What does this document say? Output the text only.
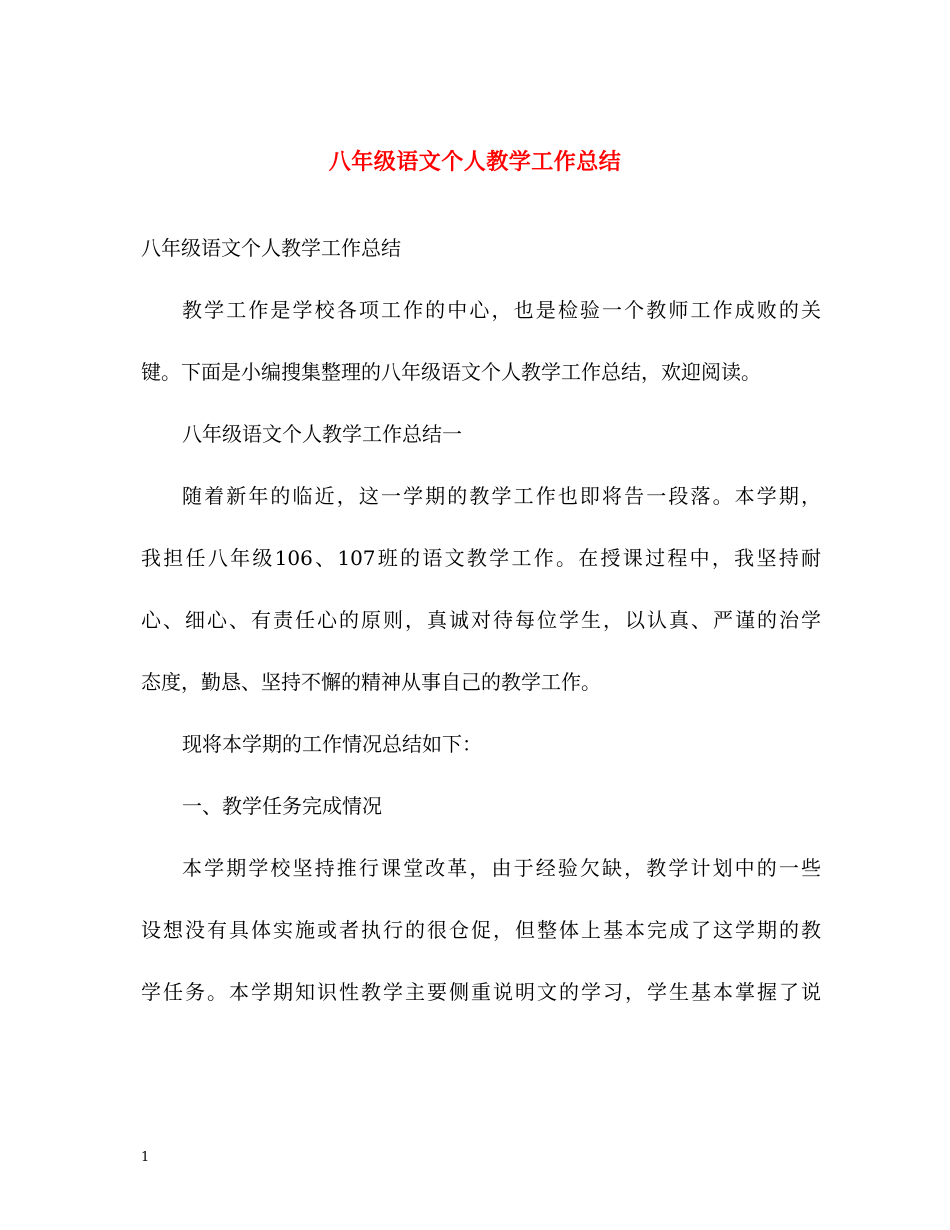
八年级语文个人教学工作总结
八年级语文个人教学工作总结
教学工作是学校各项工作的中心，也是检验一个教师工作成败的关
键。下面是小编搜集整理的八年级语文个人教学工作总结，欢迎阅读。
八年级语文个人教学工作总结一
随着新年的临近，这一学期的教学工作也即将告一段落。本学期，
我担任八年级106、107班的语文教学工作。在授课过程中，我坚持耐
心、细心、有责任心的原则，真诚对待每位学生，以认真、严谨的治学
态度，勤恳、坚持不懈的精神从事自己的教学工作。
现将本学期的工作情况总结如下：
一、教学任务完成情况
本学期学校坚持推行课堂改革，由于经验欠缺，教学计划中的一些
设想没有具体实施或者执行的很仓促，但整体上基本完成了这学期的教
学任务。本学期知识性教学主要侧重说明文的学习，学生基本掌握了说
1
